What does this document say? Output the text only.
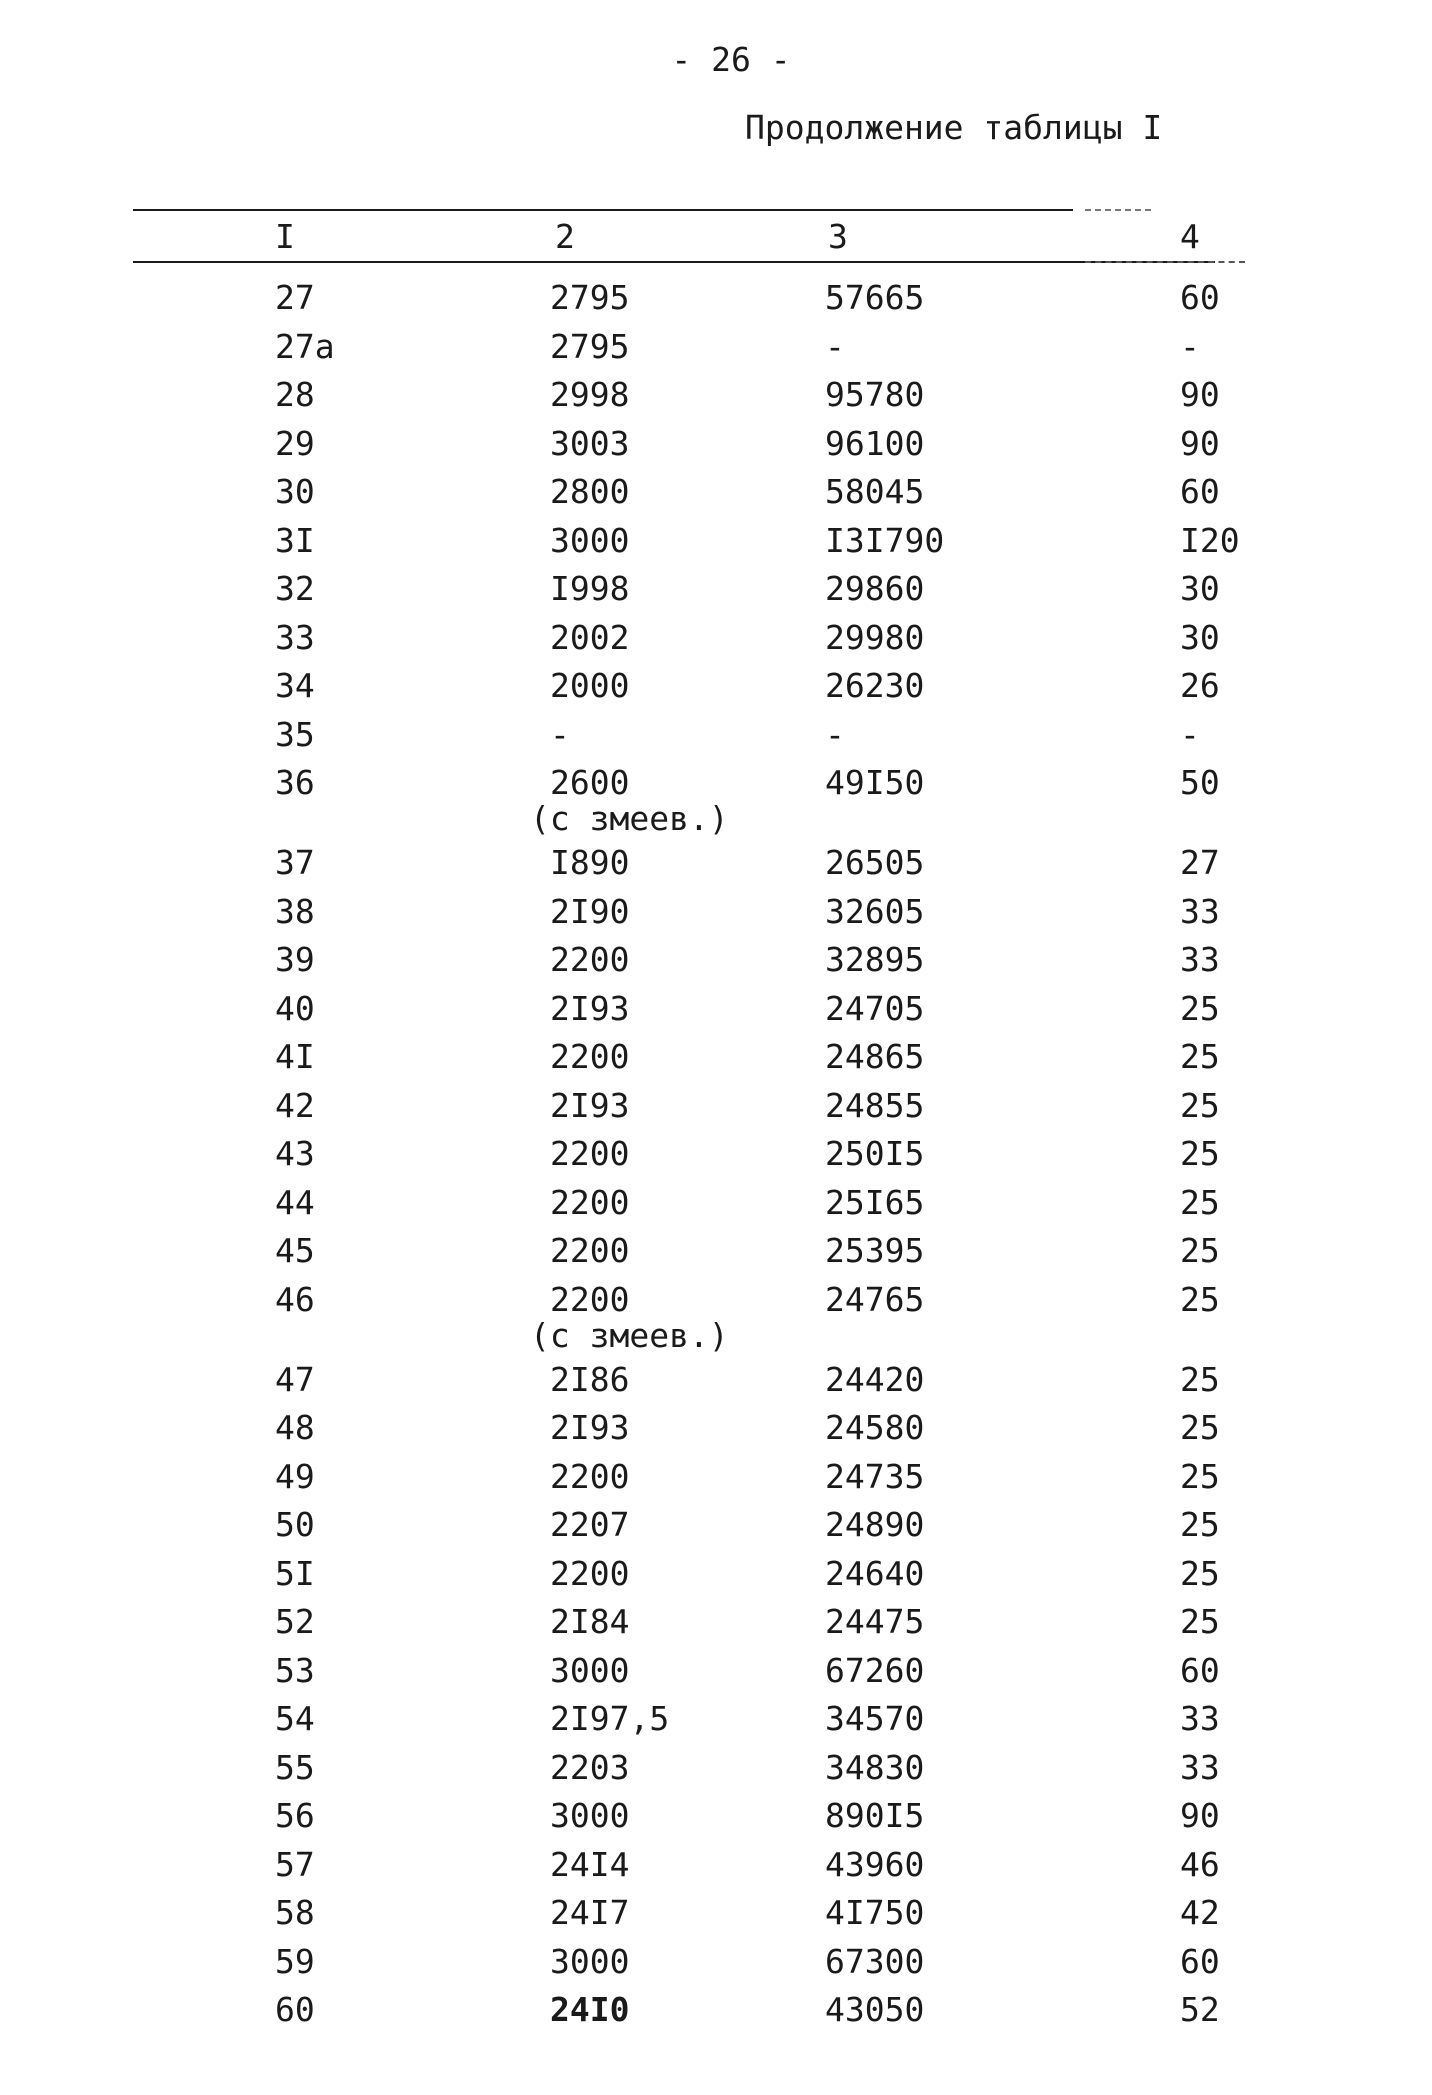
- 26 -
Продолжение таблицы I
I	2	3	4
27	2795	57665	60
27a	2795	-	-
28	2998	95780	90
29	3003	96100	90
30	2800	58045	60
3I	3000	I3I790	I20
32	I998	29860	30
33	2002	29980	30
34	2000	26230	26
35	-	-	-
36	2600	49I50	50
(с змеев.)
37	I890	26505	27
38	2I90	32605	33
39	2200	32895	33
40	2I93	24705	25
4I	2200	24865	25
42	2I93	24855	25
43	2200	250I5	25
44	2200	25I65	25
45	2200	25395	25
46	2200	24765	25
(с змеев.)
47	2I86	24420	25
48	2I93	24580	25
49	2200	24735	25
50	2207	24890	25
5I	2200	24640	25
52	2I84	24475	25
53	3000	67260	60
54	2I97,5	34570	33
55	2203	34830	33
56	3000	890I5	90
57	24I4	43960	46
58	24I7	4I750	42
59	3000	67300	60
60	24I0	43050	52
